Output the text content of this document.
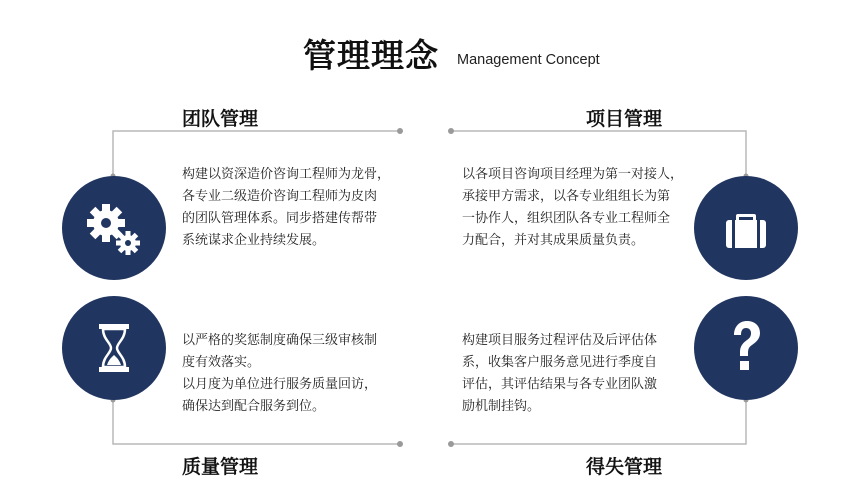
管理理念 Management Concept
团队管理	项目管理
质量管理	得失管理
构建以资深造价咨询工程师为龙骨，
各专业二级造价咨询工程师为皮肉
的团队管理体系。同步搭建传帮带
系统谋求企业持续发展。
以各项目咨询项目经理为第一对接人，
承接甲方需求，以各专业组组长为第
一协作人，组织团队各专业工程师全
力配合，并对其成果质量负责。
以严格的奖惩制度确保三级审核制
度有效落实。
以月度为单位进行服务质量回访，
确保达到配合服务到位。
构建项目服务过程评估及后评估体
系，收集客户服务意见进行季度自
评估，其评估结果与各专业团队激
励机制挂钩。
